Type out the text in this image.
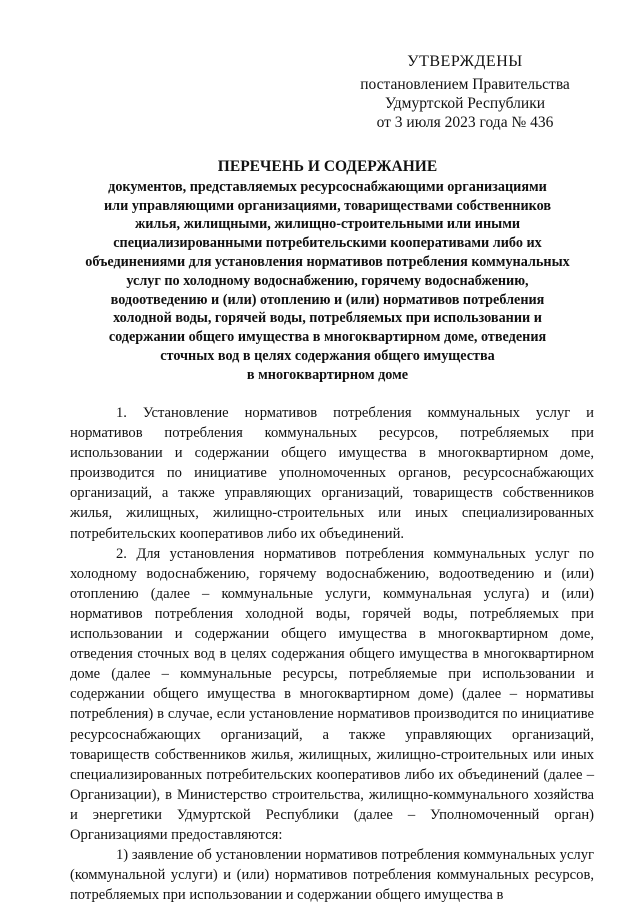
УТВЕРЖДЕНЫ
постановлением Правительства
Удмуртской Республики
от 3 июля 2023 года № 436
ПЕРЕЧЕНЬ И СОДЕРЖАНИЕ
документов, представляемых ресурсоснабжающими организациями
или управляющими организациями, товариществами собственников
жилья, жилищными, жилищно-строительными или иными
специализированными потребительскими кооперативами либо их
объединениями для установления нормативов потребления коммунальных
услуг по холодному водоснабжению, горячему водоснабжению,
водоотведению и (или) отоплению и (или) нормативов потребления
холодной воды, горячей воды, потребляемых при использовании и
содержании общего имущества в многоквартирном доме, отведения
сточных вод в целях содержания общего имущества
в многоквартирном доме

1. Установление нормативов потребления коммунальных услуг и нормативов потребления коммунальных ресурсов, потребляемых при использовании и содержании общего имущества в многоквартирном доме, производится по инициативе уполномоченных органов, ресурсоснабжающих организаций, а также управляющих организаций, товариществ собственников жилья, жилищных, жилищно-строительных или иных специализированных потребительских кооперативов либо их объединений.

2. Для установления нормативов потребления коммунальных услуг по холодному водоснабжению, горячему водоснабжению, водоотведению и (или) отоплению (далее – коммунальные услуги, коммунальная услуга) и (или) нормативов потребления холодной воды, горячей воды, потребляемых при использовании и содержании общего имущества в многоквартирном доме, отведения сточных вод в целях содержания общего имущества в многоквартирном доме (далее – коммунальные ресурсы, потребляемые при использовании и содержании общего имущества в многоквартирном доме) (далее – нормативы потребления) в случае, если установление нормативов производится по инициативе ресурсоснабжающих организаций, а также управляющих организаций, товариществ собственников жилья, жилищных, жилищно-строительных или иных специализированных потребительских кооперативов либо их объединений (далее – Организации), в Министерство строительства, жилищно-коммунального хозяйства и энергетики Удмуртской Республики (далее – Уполномоченный орган) Организациями предоставляются:

1) заявление об установлении нормативов потребления коммунальных услуг (коммунальной услуги) и (или) нормативов потребления коммунальных ресурсов, потребляемых при использовании и содержании общего имущества в
